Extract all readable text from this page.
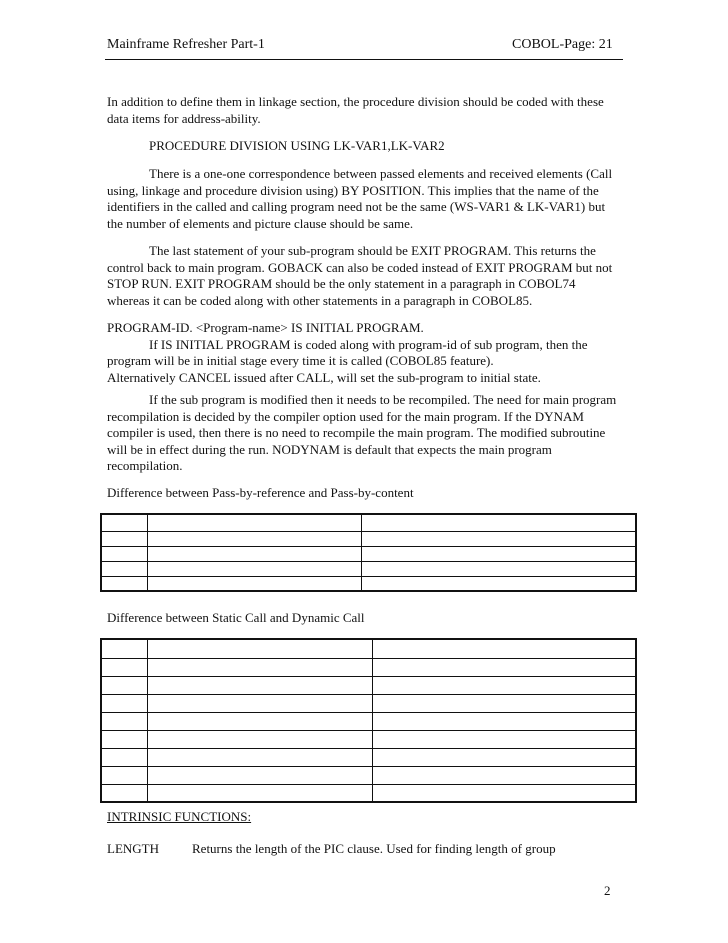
Mainframe Refresher Part-1	COBOL-Page: 21
In addition to define them in linkage section, the procedure division should be coded with these
data items for address-ability.
PROCEDURE DIVISION USING LK-VAR1,LK-VAR2
There is a one-one correspondence between passed elements and received elements (Call
using, linkage and procedure division using) BY POSITION. This implies that the name of the
identifiers in the called and calling program need not be the same (WS-VAR1 & LK-VAR1) but
the number of elements and picture clause should be same.
The last statement of your sub-program should be EXIT PROGRAM. This returns the
control back to main program. GOBACK can also be coded instead of EXIT PROGRAM but not
STOP RUN. EXIT PROGRAM should be the only statement in a paragraph in COBOL74
whereas it can be coded along with other statements in a paragraph in COBOL85.
PROGRAM-ID. <Program-name> IS INITIAL PROGRAM.
If IS INITIAL PROGRAM is coded along with program-id of sub program, then the
program will be in initial stage every time it is called (COBOL85 feature).
Alternatively CANCEL issued after CALL, will set the sub-program to initial state.
If the sub program is modified then it needs to be recompiled. The need for main program
recompilation is decided by the compiler option used for the main program. If the DYNAM
compiler is used, then there is no need to recompile the main program. The modified subroutine
will be in effect during the run. NODYNAM is default that expects the main program
recompilation.
Difference between Pass-by-reference and Pass-by-content

Difference between Static Call and Dynamic Call

INTRINSIC FUNCTIONS:
LENGTH	Returns the length of the PIC clause. Used for finding length of group
2
